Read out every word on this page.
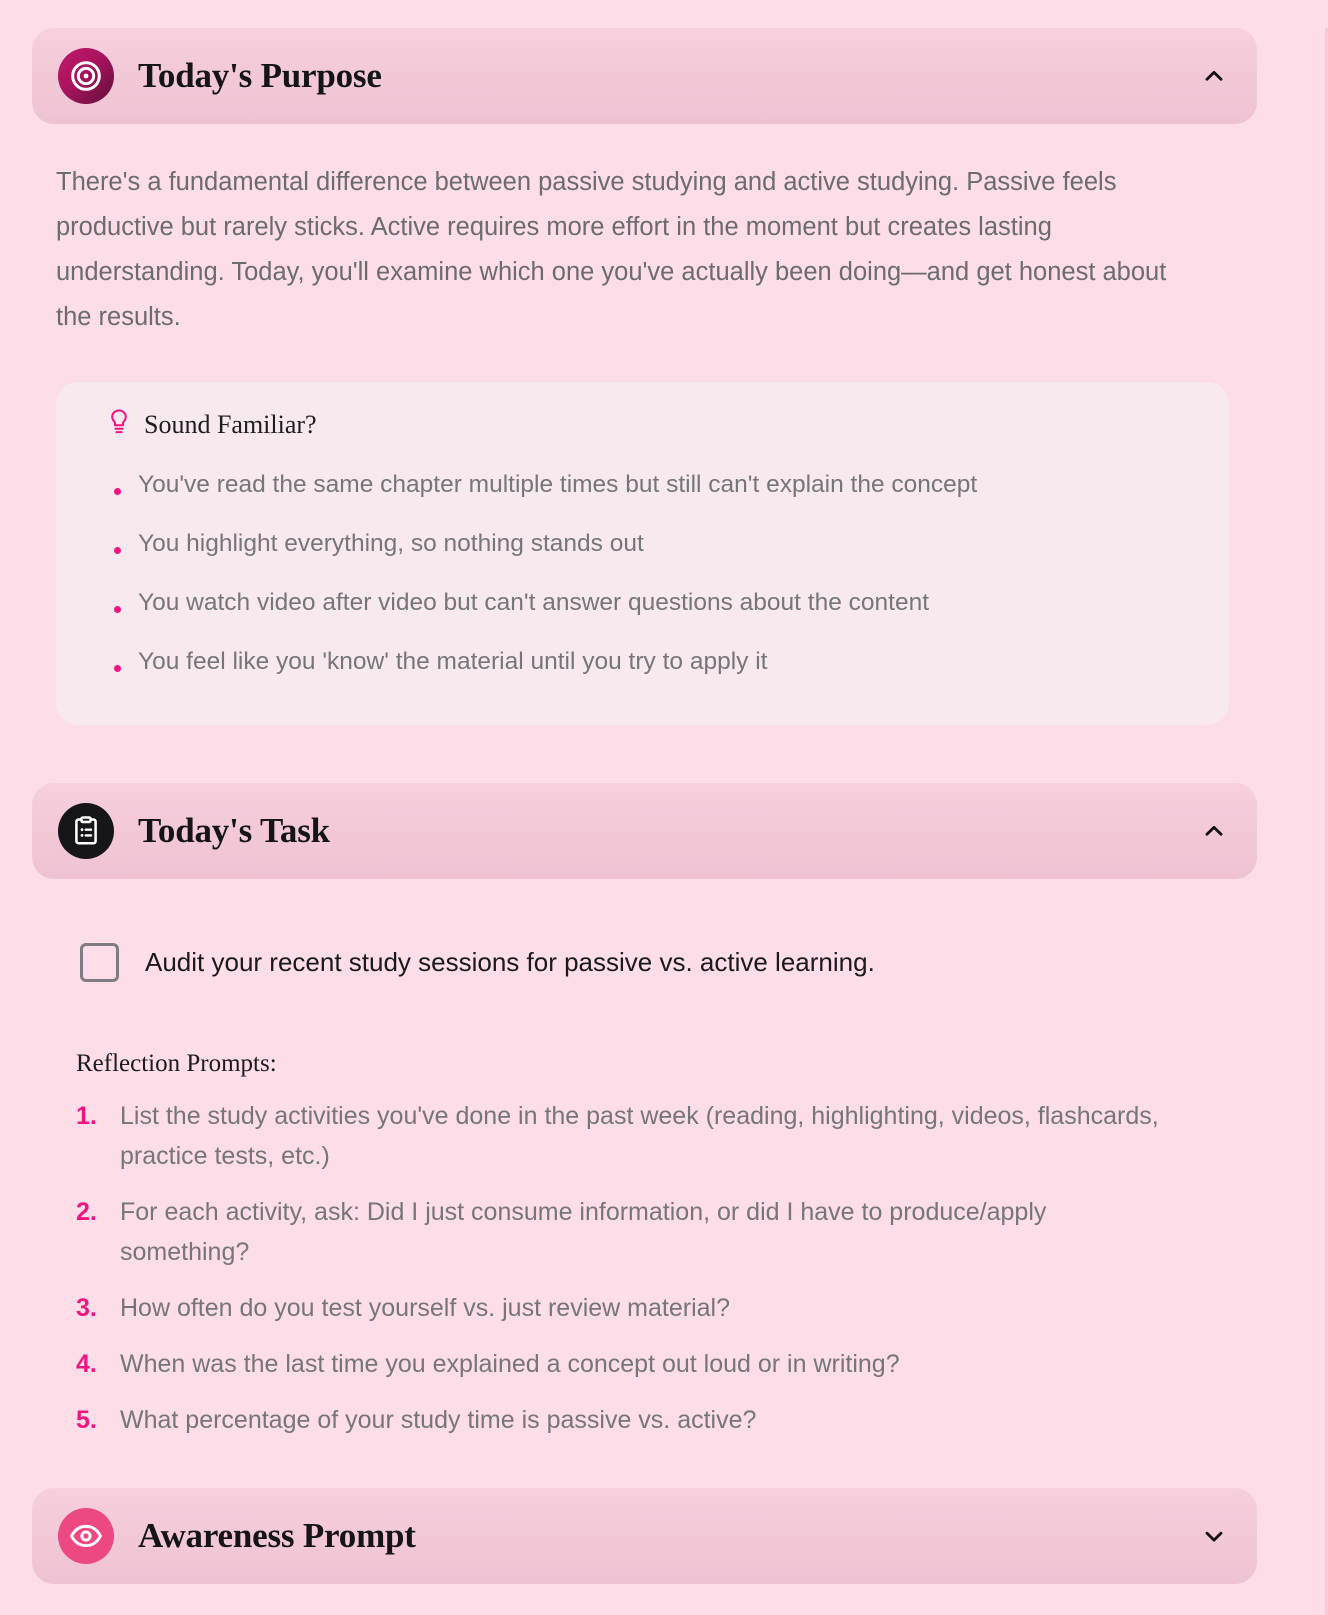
Today's Purpose
There's a fundamental difference between passive studying and active studying. Passive feels productive but rarely sticks. Active requires more effort in the moment but creates lasting understanding. Today, you'll examine which one you've actually been doing—and get honest about the results.
Sound Familiar?
You've read the same chapter multiple times but still can't explain the concept
You highlight everything, so nothing stands out
You watch video after video but can't answer questions about the content
You feel like you 'know' the material until you try to apply it
Today's Task
Audit your recent study sessions for passive vs. active learning.
Reflection Prompts:
List the study activities you've done in the past week (reading, highlighting, videos, flashcards, practice tests, etc.)
For each activity, ask: Did I just consume information, or did I have to produce/apply something?
How often do you test yourself vs. just review material?
When was the last time you explained a concept out loud or in writing?
What percentage of your study time is passive vs. active?
Awareness Prompt
